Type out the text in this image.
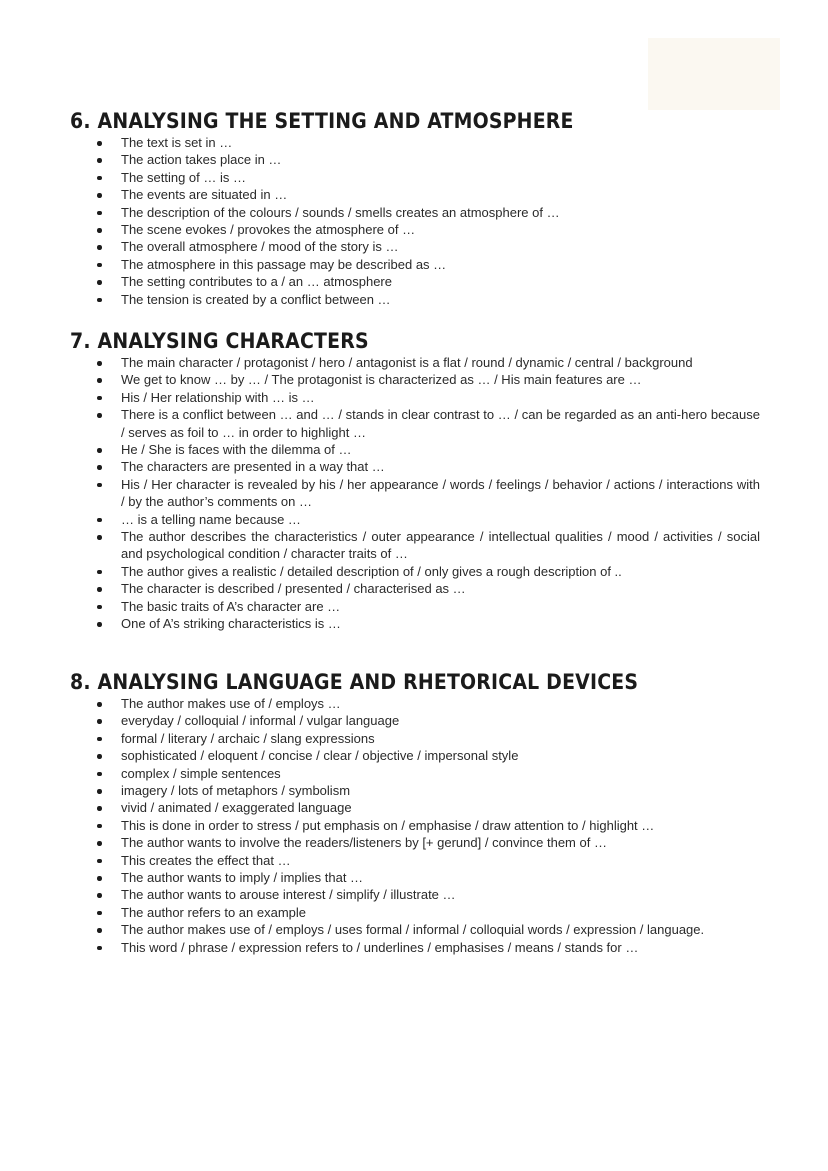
6. ANALYSING THE SETTING AND ATMOSPHERE
The text is set in …
The action takes place in …
The setting of … is …
The events are situated in …
The description of the colours / sounds / smells creates an atmosphere of …
The scene evokes / provokes the atmosphere of …
The overall atmosphere / mood of the story is …
The atmosphere in this passage may be described as …
The setting contributes to a / an … atmosphere
The tension is created by a conflict between …
7. ANALYSING CHARACTERS
The main character / protagonist / hero / antagonist is a flat / round / dynamic / central / background
We get to know … by … / The protagonist is characterized as … / His main features are …
His / Her relationship with … is …
There is a conflict between … and … / stands in clear contrast to … / can be regarded as an anti-hero because / serves as foil to … in order to highlight …
He / She is faces with the dilemma of …
The characters are presented in a way that …
His / Her character is revealed by his / her appearance / words / feelings / behavior / actions / interactions with / by the author’s comments on …
… is a telling name because …
The author describes the characteristics / outer appearance / intellectual qualities / mood / activities / social and psychological condition / character traits of …
The author gives a realistic / detailed description of / only gives a rough description of ..
The character is described / presented / characterised as …
The basic traits of A’s character are …
One of A’s striking characteristics is …
8. ANALYSING LANGUAGE AND RHETORICAL DEVICES
The author makes use of / employs …
everyday / colloquial / informal / vulgar language
formal / literary / archaic / slang expressions
sophisticated / eloquent / concise / clear / objective / impersonal style
complex / simple sentences
imagery / lots of metaphors / symbolism
vivid / animated / exaggerated language
This is done in order to stress / put emphasis on / emphasise / draw attention to / highlight …
The author wants to involve the readers/listeners by [+ gerund] / convince them of …
This creates the effect that …
The author wants to imply / implies that …
The author wants to arouse interest / simplify / illustrate …
The author refers to an example
The author makes use of / employs / uses formal / informal / colloquial words / expression / language.
This word / phrase / expression refers to / underlines / emphasises / means / stands for …
